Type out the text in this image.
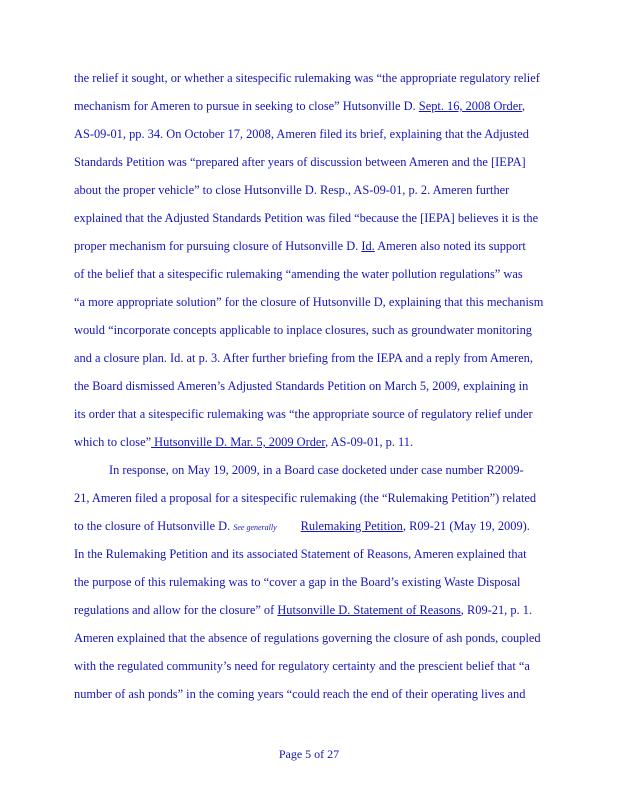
the relief it sought, or whether a sitespecific rulemaking was “the appropriate regulatory relief
mechanism for Ameren to pursue in seeking to close” Hutsonville D. Sept. 16, 2008 Order,
AS-09-01, pp. 34. On October 17, 2008, Ameren filed its brief, explaining that the Adjusted
Standards Petition was “prepared after years of discussion between Ameren and the [IEPA]
about the proper vehicle” to close Hutsonville D. Resp., AS-09-01, p. 2. Ameren further
explained that the Adjusted Standards Petition was filed “because the [IEPA] believes it is the
proper mechanism for pursuing closure of Hutsonville D. Id. Ameren also noted its support
of the belief that a sitespecific rulemaking “amending the water pollution regulations” was
“a more appropriate solution” for the closure of Hutsonville D, explaining that this mechanism
would “incorporate concepts applicable to inplace closures, such as groundwater monitoring
and a closure plan. Id. at p. 3. After further briefing from the IEPA and a reply from Ameren,
the Board dismissed Ameren’s Adjusted Standards Petition on March 5, 2009, explaining in
its order that a sitespecific rulemaking was “the appropriate source of regulatory relief under
which to close” Hutsonville D. Mar. 5, 2009 Order, AS-09-01, p. 11.
In response, on May 19, 2009, in a Board case docketed under case number R2009-
21, Ameren filed a proposal for a sitespecific rulemaking (the “Rulemaking Petition”) related
to the closure of Hutsonville D. See generally Rulemaking Petition, R09-21 (May 19, 2009).
In the Rulemaking Petition and its associated Statement of Reasons, Ameren explained that
the purpose of this rulemaking was to “cover a gap in the Board’s existing Waste Disposal
regulations and allow for the closure” of Hutsonville D. Statement of Reasons, R09-21, p. 1.
Ameren explained that the absence of regulations governing the closure of ash ponds, coupled
with the regulated community’s need for regulatory certainty and the prescient belief that “a
number of ash ponds” in the coming years “could reach the end of their operating lives and
Page 5 of 27
